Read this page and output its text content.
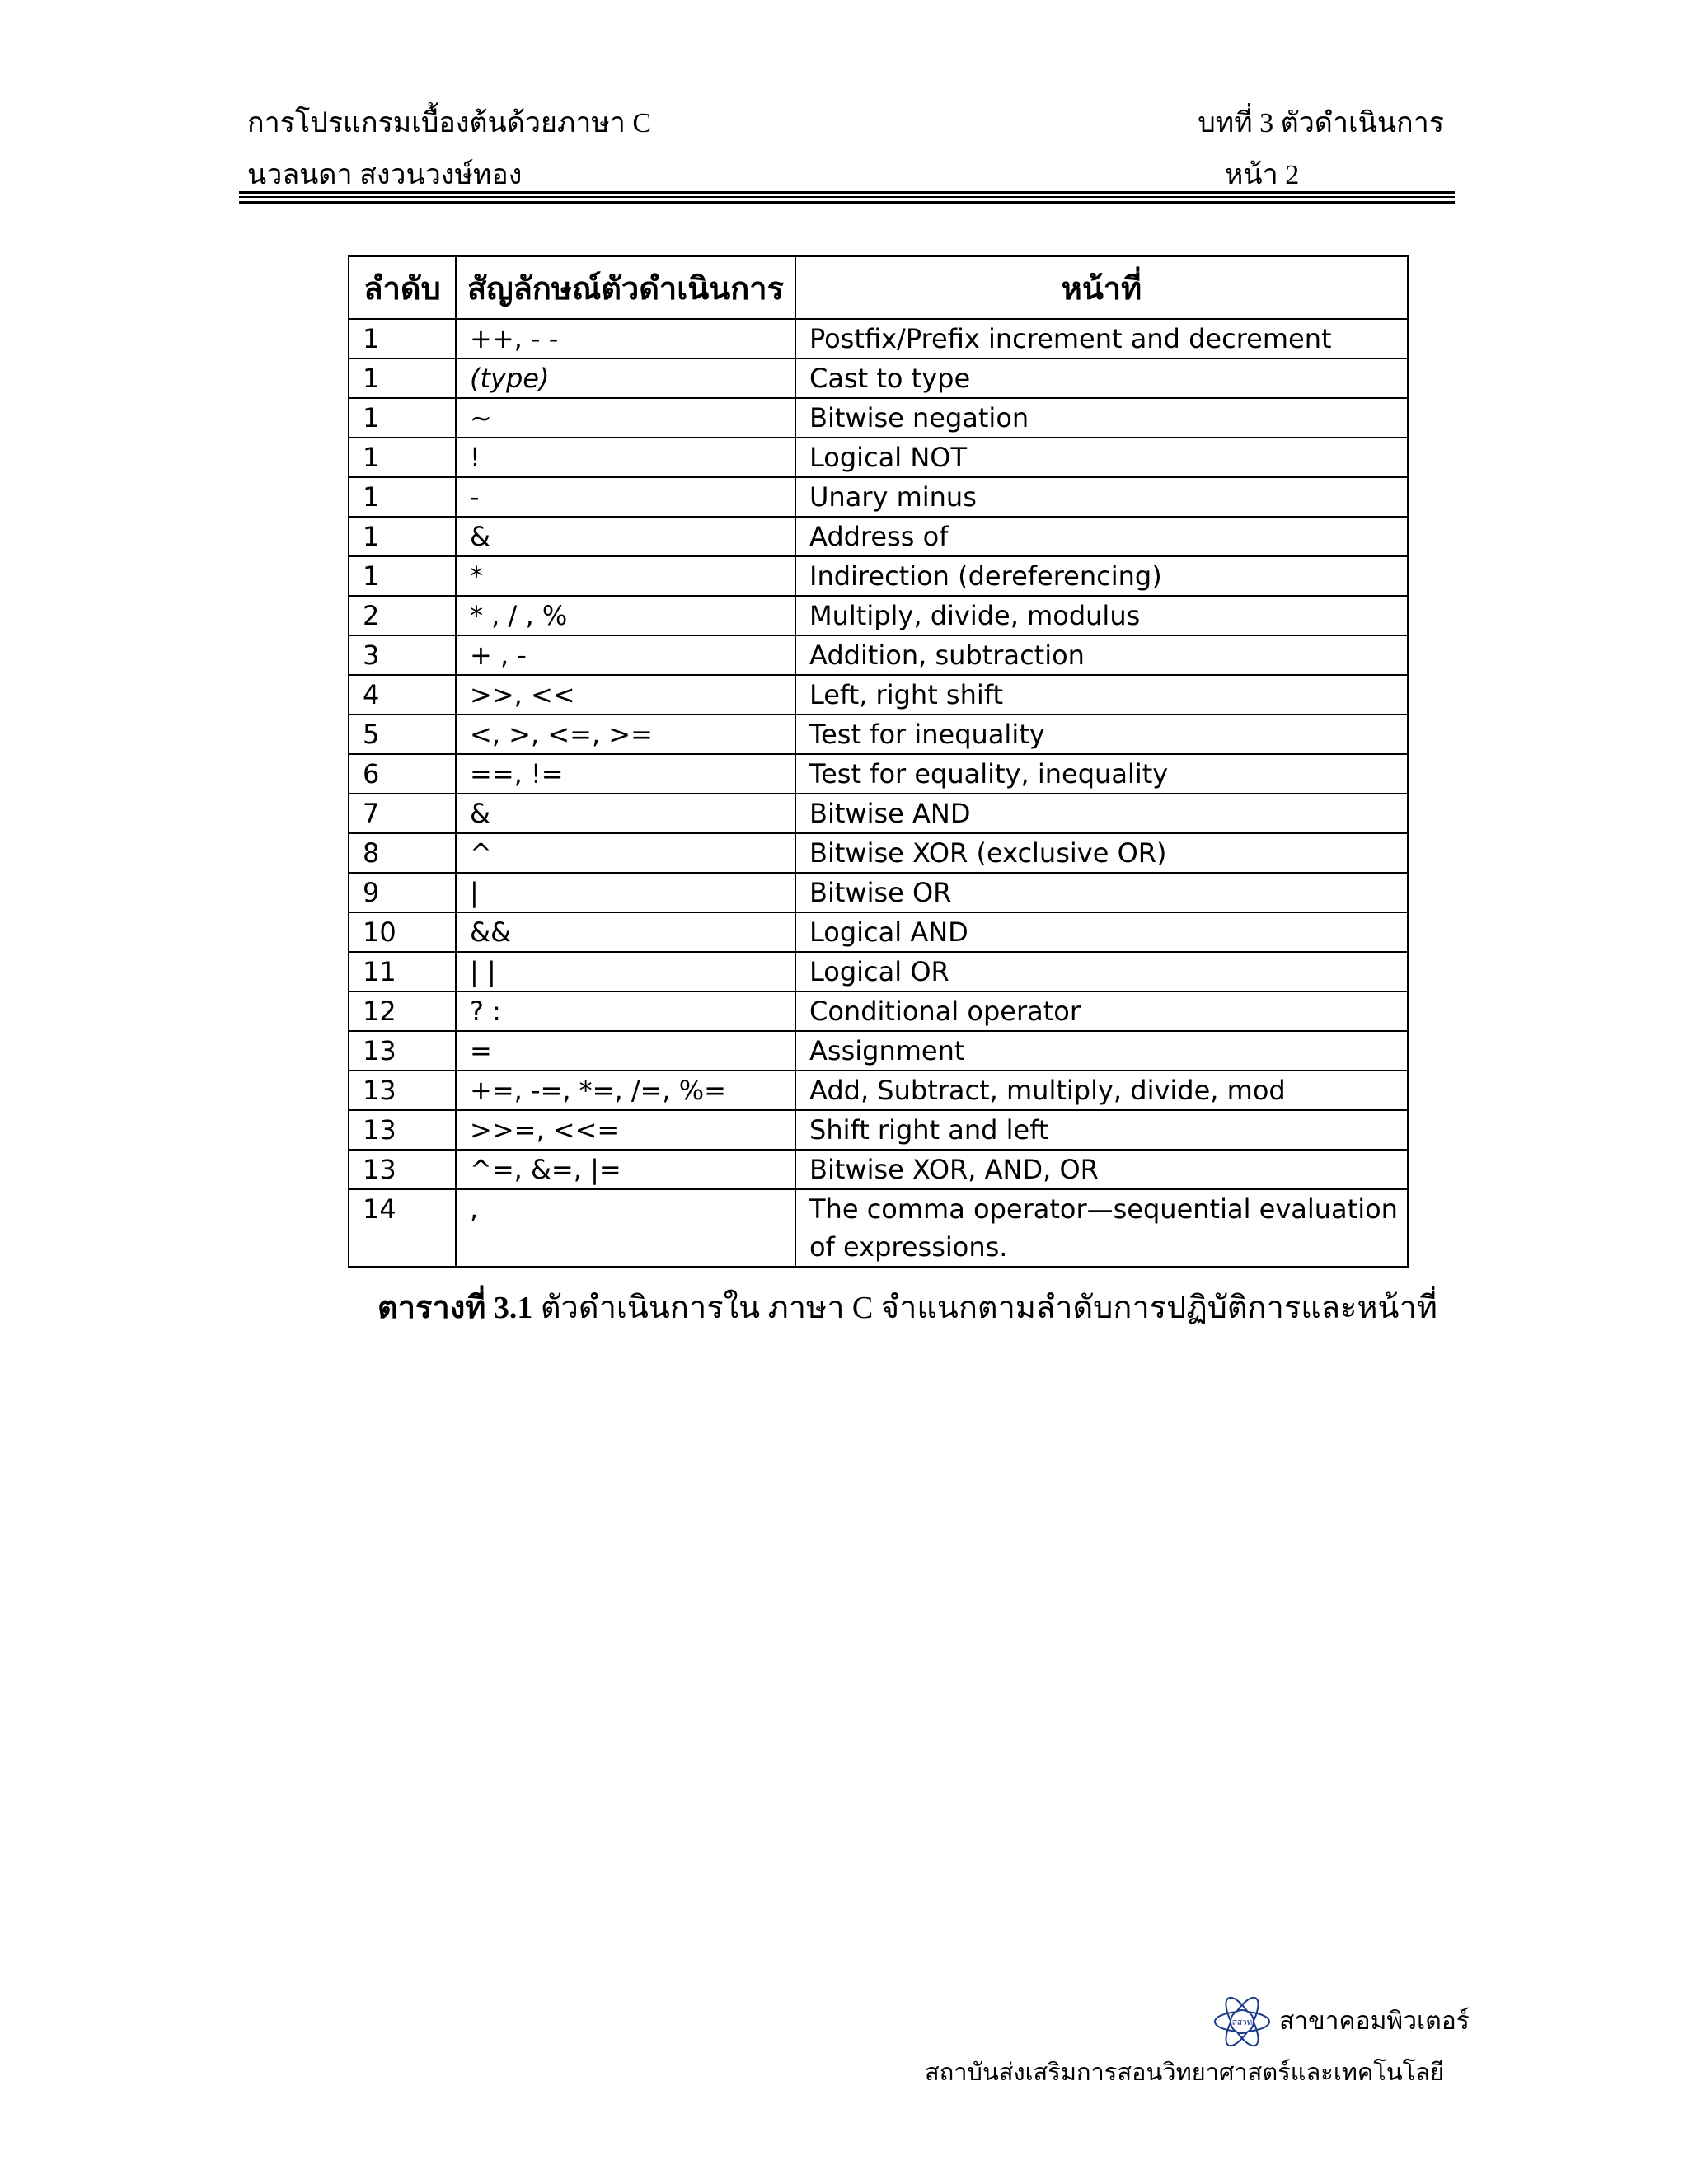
การโปรแกรมเบื้องต้นด้วยภาษา C	บทที่ 3 ตัวดำเนินการ
นวลนดา สงวนวงษ์ทอง	หน้า 2
ลำดับ	สัญลักษณ์ตัวดำเนินการ	หน้าที่
1	++, - -	Postfix/Prefix increment and decrement
1	(type)	Cast to type
1	~	Bitwise negation
1	!	Logical NOT
1	-	Unary minus
1	&	Address of
1	*	Indirection (dereferencing)
2	* , / , %	Multiply, divide, modulus
3	+ , -	Addition, subtraction
4	>>, <<	Left, right shift
5	<, >, <=, >=	Test for inequality
6	==, !=	Test for equality, inequality
7	&	Bitwise AND
8	^	Bitwise XOR (exclusive OR)
9	|	Bitwise OR
10	&&	Logical AND
11	| |	Logical OR
12	? :	Conditional operator
13	=	Assignment
13	+=, -=, *=, /=, %=	Add, Subtract, multiply, divide, mod
13	>>=, <<=	Shift right and left
13	^=, &=, |=	Bitwise XOR, AND, OR
14	,	The comma operator—sequential evaluation of expressions.
ตารางที่ 3.1 ตัวดำเนินการใน ภาษา C จำแนกตามลำดับการปฏิบัติการและหน้าที่
สสวท สาขาคอมพิวเตอร์
สถาบันส่งเสริมการสอนวิทยาศาสตร์และเทคโนโลยี
